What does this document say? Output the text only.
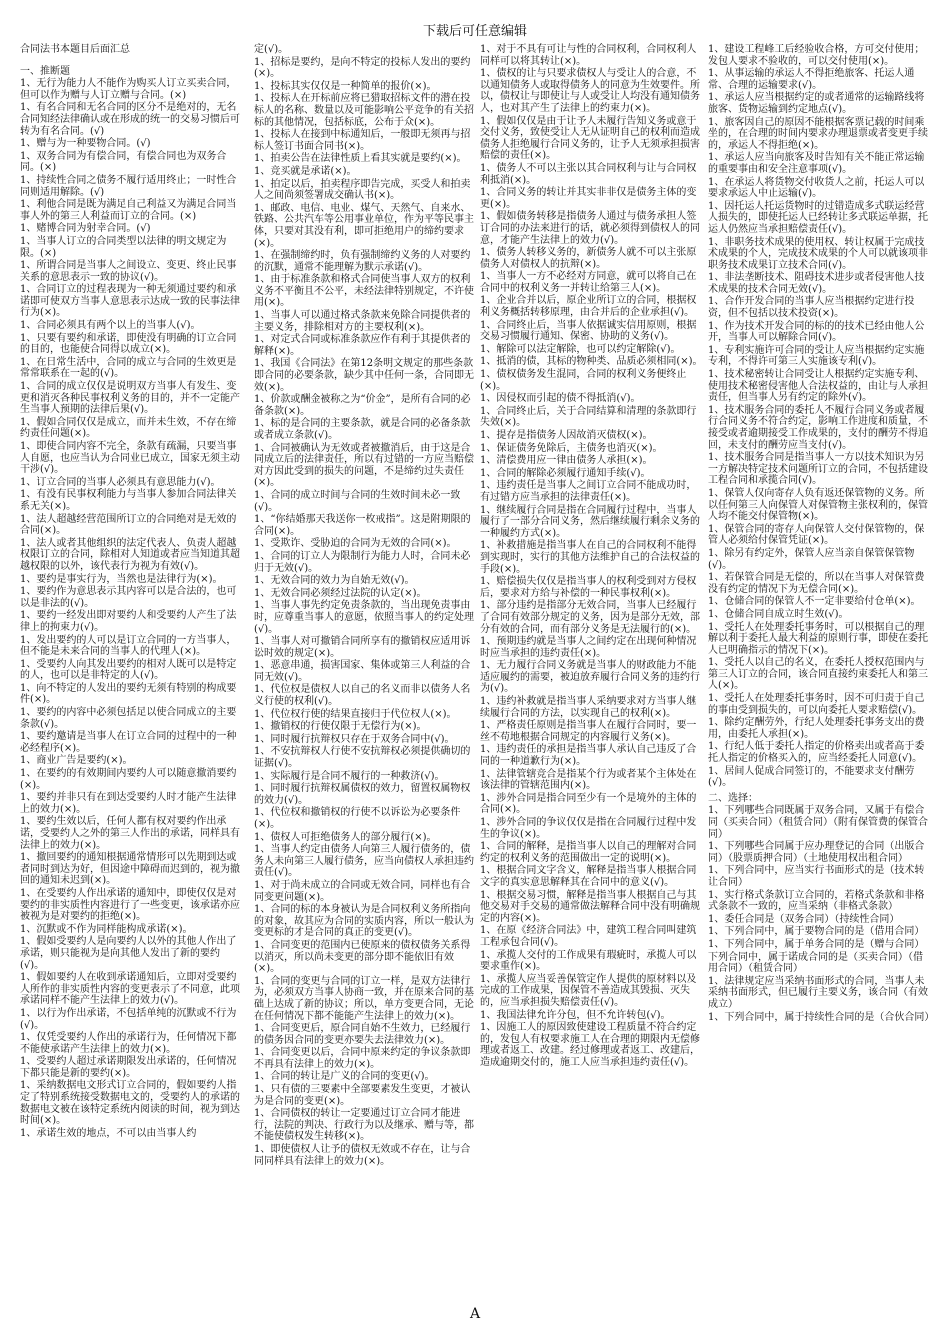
下载后可任意编辑

合同法书本题目后面汇总

一、推断题

1、无行为能力人不能作为购买人订立买卖合同，但可以作为赠与人订立赠与合同。(×)

1、有名合同和无名合同的区分不是绝对的，无名合同知经法律确认或在形成的统一的交易习惯后可转为有名合同。(√)

1、赠与为一种要物合同。(√)

1、双务合同为有偿合同，有偿合同也为双务合同。(×)

1、持续性合同之债务不履行适用终止；一时性合同则适用解除。(√)

1、利他合同是既为满足自己利益又为满足合同当事人外的第三人利益而订立的合同。(×)

1、赌博合同为射幸合同。(√)

1、当事人订立的合同类型以法律的明文规定为限。(×)

1、所谓合同是当事人之间设立、变更、终止民事关系的意思表示一致的协议(√)。

1、合同订立的过程表现为一种无须通过要约和承诺即可使双方当事人意思表示达成一致的民事法律行为(×)。

1、合同必须具有两个以上的当事人(√)。

1、只要有要约和承诺，即使没有明确的订立合同的目的，也能使合同得以成立(×)。

1、在日常生活中，合同的成立与合同的生效更是常常联系在一起的(√)。

1、合同的成立仅仅是说明双方当事人有发生、变更和消灭各种民事权利义务的目的，并不一定能产生当事人预期的法律后果(√)。

1、假如合同仅仅是成立，而并未生效，不存在缔约责任问题(×)。

1、即使合同内容不完全，条款有疏漏，只要当事人自愿，也应当认为合同业已成立，国家无须主动干涉(√)。

1、订立合同的当事人必须具有意思能力(√)。

1、有没有民事权利能力与当事人参加合同法律关系无关(×)。

1、法人超越经营范围所订立的合同绝对是无效的合同(×)。

1、法人或者其他组织的法定代表人、负责人超越权限订立的合同，除相对人知道或者应当知道其超越权限的以外，该代表行为视为有效(√)。

1、要约是事实行为，当然也是法律行为(×)。

1、要约作为意思表示其内容可以是合法的，也可以是非法的(√)。

1、要约一经发出即对要约人和受要约人产生了法律上的拘束力(√)。

1、发出要约的人可以是订立合同的一方当事人，但不能是未来合同的当事人的代理人(×)。

1、受要约人向其发出要约的相对人既可以是特定的人，也可以是非特定的人(√)。

1、向不特定的人发出的要约无须有特别的构成要件(×)。

1、要约的内容中必须包括足以使合同成立的主要条款(√)。

1、要约邀请是当事人在订立合同的过程中的一种必经程序(×)。

1、商业广告是要约(×)。

1、在要约的有效期间内要约人可以随意撤消要约(×)。

1、要约并非只有在到达受要约人时才能产生法律上的效力(×)。

1、要约生效以后，任何人都有权对要约作出承诺，受要约人之外的第三人作出的承诺，同样具有法律上的效力(×)。

1、撤回要约的通知根据通常情形可以先期到达或者同时到达为好，但因途中障碍而迟到的，视为撤回的通知未迟到(×)。

1、在受要约人作出承诺的通知中，即使仅仅是对要约的非实质性内容进行了一些变更，该承诺亦应被视为是对要约的拒绝(×)。

1、沉默或不作为同样能构成承诺(×)。

1、假如受要约人是向要约人以外的其他人作出了承诺，则只能视为是向其他人发出了新的要约(√)。

1、假如要约人在收到承诺通知后，立即对受要约人所作的非实质性内容的变更表示了不同意，此项承诺同样不能产生法律上的效力(√)。

1、以行为作出承诺，不包括单纯的沉默或不行为(√)。

1、仅凭受要约人作出的承诺行为，任何情况下都不能使承诺产生法律上的效力(×)。

1、受要约人超过承诺期限发出承诺的，任何情况下都只能是新的要约(×)。

1、采纳数据电文形式订立合同的，假如要约人指定了特别系统接受数据电文的，受要约人的承诺的数据电文被在该特定系统内阅读的时间，视为到达时间(×)。

1、承诺生效的地点，不可以由当事人约

定(√)。

1、招标是要约，是向不特定的投标人发出的要约(×)。

1、投标其实仅仅是一种简单的报价(×)。

1、投标人在开标前应将已猎取招标文件的潜在投标人的名称、数量以及可能影响公平竞争的有关招标的其他情况，包括标底，公布于众(×)。

1、投标人在接到中标通知后，一般即无须再与招标人签订书面合同书(×)。

1、拍卖公告在法律性质上看其实就是要约(×)。

1、竞买就是承诺(×)。

1、拍定以后，拍卖程序即告完成，买受人和拍卖人之间尚须签署成交确认书(×)。

1、邮政、电信、电业、煤气、天然气、自来水、铁路、公共汽车等公用事业单位，作为平等民事主体，只要对其没有利，即可拒绝用户的缔约要求(×)。

1、在强制缔约时，负有强制缔约义务的人对要约的沉默，通常不能理解为默示承诺(√)。

1、由于标准条款和格式合同使当事人双方的权利义务不平衡且不公平，未经法律特别规定，不许使用(×)。

1、当事人可以通过格式条款来免除合同提供者的主要义务，排除相对方的主要权利(×)。

1、对定式合同或标准条款应作有利于其提供者的解释(×)。

1、我国《合同法》在第12条明文规定的那些条款即合同的必要条款，缺少其中任何一条，合同即无效(×)。

1、价款或酬金被称之为“价金”，是所有合同的必备条款(×)。

1、标的是合同的主要条款，就是合同的必备条款或者成立条款(√)。

1、合同被确认为无效或者被撤消后，由于这是合同成立后的法律责任，所以有过错的一方应当赔偿对方因此受到的损失的问题，不是缔约过失责任(×)。

1、合同的成立时间与合同的生效时间未必一致(√)。

1、“你结婚那天我送你一枚戒指”。这是附期限的合同(×)。

1、受欺诈、受胁迫的合同为无效的合同(×)。

1、合同的订立人为限制行为能力人时，合同未必归于无效(√)。

1、无效合同的效力为自始无效(√)。

1、无效合同必须经过法院的认定(×)。

1、当事人事先约定免责条款的，当出现免责事由时，应尊重当事人的意愿，依照当事人的约定处理(√)。

1、当事人对可撤销合同所享有的撤销权应适用诉讼时效的规定(×)。

1、恶意串通，损害国家、集体或第三人利益的合同无效(√)。

1、代位权是债权人以自己的名义而非以债务人名义行使的权利(√)。

1、代位权行使的结果直接归于代位权人(×)。

1、撤销权的行使仅限于无偿行为(×)。

1、同时履行抗辩权只存在于双务合同中(√)。

1、不安抗辩权人行使不安抗辩权必须提供确切的证据(√)。

1、实际履行是合同不履行的一种救济(√)。

1、同时履行抗辩权属债权的效力，留置权属物权的效力(√)。

1、代位权和撤销权的行使不以诉讼为必要条件(×)。

1、债权人可拒绝债务人的部分履行(×)。

1、当事人约定由债务人向第三人履行债务的，债务人未向第三人履行债务，应当向债权人承担违约责任(√)。

1、对于尚未成立的合同或无效合同，同样也有合同变更问题(×)。

1、合同的标的本身被认为是合同权利义务所指向的对象，故其应为合同的实质内容，所以一般认为变更标的才是合同的真正的变更(√)。

1、合同变更的范围内已使原来的债权债务关系得以消灭，所以尚未变更的部分即不能依旧有效(×)。

1、合同的变更与合同的订立一样，是双方法律行为，必须双方当事人协商一致，并在原来合同的基础上达成了新的协议；所以，单方变更合同，无论在任何情况下都不能能产生法律上的效力(×)。

1、合同变更后，原合同自始不生效力，已经履行的债务因合同的变更亦要失去法律效力(×)。

1、合同变更以后，合同中原来约定的争议条款即不再具有法律上的效力(×)。

1、合同的转让是广义的合同的变更(√)。

1、只有债的三要素中全部要素发生变更，才被认为是合同的变更(×)。

1、合同债权的转让一定要通过订立合同才能进行，法院的判决、行政行为以及继承、赠与等，都不能使债权发生转移(×)。

1、即使债权人让予的债权无效或不存在，让与合同同样具有法律上的效力(×)。

1、对于不具有可让与性的合同权利，合同权利人同样可以将其转让(×)。

1、债权的让与只要求债权人与受让人的合意，不以通知债务人或取得债务人的同意为生效要件。所以，债权让与即使让与人或受让人均没有通知债务人，也对其产生了法律上的约束力(×)。

1、假如仅仅是由于让予人未履行告知义务或意于交付义务，致使受让人无从证明自己的权利而造成债务人拒绝履行合同义务的，让予人无须承担损害赔偿的责任(×)。

1、债务人不可以主张以其合同权利与让与合同权利抵消(×)。

1、合同义务的转让并其实非非仅是债务主体的变更(×)。

1、假如债务转移是指债务人通过与债务承担人签订合同的办法来进行的话，就必须得到债权人的同意，才能产生法律上的效力(√)。

1、债务人转移义务的，新债务人就不可以主张原债务人对债权人的抗辩(×)。

1、当事人一方不必经对方同意，就可以将自己在合同中的权利义务一并转让给第三人(×)。

1、企业合并以后，原企业所订立的合同，根据权利义务概括转移原理，由合并后的企业承担(√)。

1、合同终止后，当事人依据诚实信用原则，根据交易习惯履行通知、保密、协助的义务(√)。

1、解除可以法定解除，也可以约定解除(√)。

1、抵消的债，其标的物种类、品质必须相同(×)。

1、债权债务发生混同，合同的权利义务便终止(×)。

1、因侵权而引起的债不得抵消(√)。

1、合同终止后，关于合同结算和清理的条款即行失效(×)。

1、提存是指债务人因故消灭债权(×)。

1、保证债务免除后，主债务也消灭(×)。

1、清偿费用应一律由债务人承担(×)。

1、合同的解除必须履行通知手续(√)。

1、违约责任是当事人之间订立合同不能成功时，有过错方应当承担的法律责任(×)。

1、继续履行合同是指在合同履行过程中，当事人履行了一部分合同义务，然后继续履行剩余义务的一种履约方式(×)。

1、补救措施是指当事人在自己的合同权利不能得到实现时，实行的其他方法维护自己的合法权益的手段(×)。

1、赔偿损失仅仅是指当事人的权利受到对方侵权后，要求对方给与补偿的一种民事权利(×)。

1、部分违约是指部分无效合同，当事人已经履行了合同有效部分规定的义务，因为是部分无效，部分有效的合同，而有部分义务是无法履行的(×)。

1、预期违约就是当事人之间约定在出现何种情况时应当承担的违约责任(×)。

1、无力履行合同义务就是当事人的财政能力不能适应履约的需要，被迫放弃履行合同义务的违约行为(√)。

1、违约补救就是指当事人采纳要求对方当事人继续履行合同的方法，以实现自己的权利(×)。

1、严格责任原则是指当事人在履行合同时，要一丝不苟地根据合同规定的内容履行义务(×)。

1、违约责任的承担是指当事人承认自己违反了合同的一种道歉行为(×)。

1、法律管辖竞合是指某个行为或者某个主体处在该法律的管辖范围内(×)。

1、涉外合同是指合同至少有一个是境外的主体的合同(×)。

1、涉外合同的争议仅仅是指在合同履行过程中发生的争议(×)。

1、合同的解释，是指当事人以自己的理解对合同约定的权利义务的范围做出一定的说明(×)。

1、根据合同文字含义，解释是指当事人根据合同文字的真实意思解释其在合同中的意义(√)。

1、根据交易习惯，解释是指当事人根据自己与其他交易对手交易的通常做法解释合同中没有明确规定的内容(×)。

1、在原《经济合同法》中，建筑工程合同叫建筑工程承包合同(√)。

1、承揽人交付的工作成果有瑕疵时，承揽人可以要求重作(×)。

1、承揽人应当妥善保管定作人提供的原材料以及完成的工作成果，因保管不善造成其毁损、灭失的，应当承担损失赔偿责任(√)。

1、我国法律允许分包，但不允许转包(√)。

1、因施工人的原因致使建设工程质量不符合约定的，发包人有权要求施工人在合理的期限内无偿修理或者返工、改建。经过修理或者返工、改建后，造成逾期交付的，施工人应当承担违约责任(√)。

1、建设工程峰工后经验收合格，方可交付使用；发包人要求不验收的，可以交付使用(×)。

1、从事运输的承运人不得拒绝旅客、托运人通常、合理的运输要求(√)。

1、承运人应当根据约定的或者通常的运输路线将旅客、货物运输到约定地点(√)。

1、旅客因自己的原因不能根据客票记载的时间乘坐的，在合理的时间内要求办理退票或者变更手续的，承运人不得拒绝(×)。

1、承运人应当向旅客及时告知有关不能正常运输的重要事由和安全注意事项(√)。

1、在承运人将货物交付收货人之前，托运人可以要求承运人中止运输(√)。

1、因托运人托运货物时的过错造成多式联运经营人损失的，即使托运人已经转让多式联运单据，托运人仍然应当承担赔偿责任(√)。

1、非职务技术成果的使用权、转让权属于完成技术成果的个人，完成技术成果的个人可以就该项非职务技术成果订立技术合同(√)。

1、非法垄断技术、阻碍技术进步或者侵害他人技术成果的技术合同无效(√)。

1、合作开发合同的当事人应当根据约定进行投资，但不包括以技术投资(×)。

1、作为技术开发合同的标的的技术已经由他人公开，当事人可以解除合同(√)。

1、专利实施许可合同的受让人应当根据约定实施专利，不得许可第三人实施该专利(√)。

1、技术秘密转让合同受让人根据约定实施专利、使用技术秘密侵害他人合法权益的，由让与人承担责任，但当事人另有约定的除外(√)。

1、技术服务合同的委托人不履行合同义务或者履行合同义务不符合约定，影响工作进度和质量，不接受或者逾期接受工作成果的，支付的酬劳不得追回，未支付的酬劳应当支付(√)。

1、技术服务合同是指当事人一方以技术知识为另一方解决特定技术问题所订立的合同，不包括建设工程合同和承揽合同(√)。

1、保管人仅向寄存人负有返还保管物的义务。所以任何第三人向保管人对保管物主张权利的，保管人均不能交付保管物(×)。

1、保管合同的寄存人向保管人交付保管物的，保管人必须给付保管凭证(×)。

1、除另有约定外，保管人应当亲自保管保管物(√)。

1、若保管合同是无偿的，所以在当事人对保管费没有约定的情况下为无偿合同(×)。

1、仓储合同的保管人不一定非要给付仓单(×)。

1、仓储合同自成立时生效(√)。

1、受托人在处理委托事务时，可以根据自己的理解以利于委托人最大利益的原则行事，即使在委托人已明确指示的情况下(×)。

1、受托人以自己的名义，在委托人授权范围内与第三人订立的合同，该合同直接约束委托人和第三人(×)。

1、受托人在处理委托事务时，因不可归责于自己的事由受到损失的，可以向委托人要求赔偿(√)。

1、除约定酬劳外，行纪人处理委托事务支出的费用，由委托人承担(×)。

1、行纪人低于委托人指定的价格卖出或者高于委托人指定的价格买入的，应当经委托人同意(√)。

1、居间人促成合同签订的，不能要求支付酬劳(√)。

二、选择：

1、下列哪些合同既属于双务合同，又属于有偿合同（买卖合同）（租赁合同）（附有保管费的保管合同）

1、下列哪些合同属于应办理登记的合同（出版合同）（股票质押合同）（土地使用权出租合同）

1、下列合同中，应当实行书面形式的是（技术转让合同）

1、实行格式条款订立合同的，若格式条款和非格式条款不一致的，应当采纳（非格式条款）

1、委任合同是（双务合同）（持续性合同）

1、下列合同中，属于要物合同的是（借用合同）

1、下列合同中，属于单务合同的是（赠与合同）

下列合同中，属于诺成合同的是（买卖合同）（借用合同）（租赁合同）

1、法律规定应当采纳书面形式的合同，当事人未采纳书面形式，但已履行主要义务，该合同（有效成立）

1、下列合同中，属于持续性合同的是（合伙合同）

A
